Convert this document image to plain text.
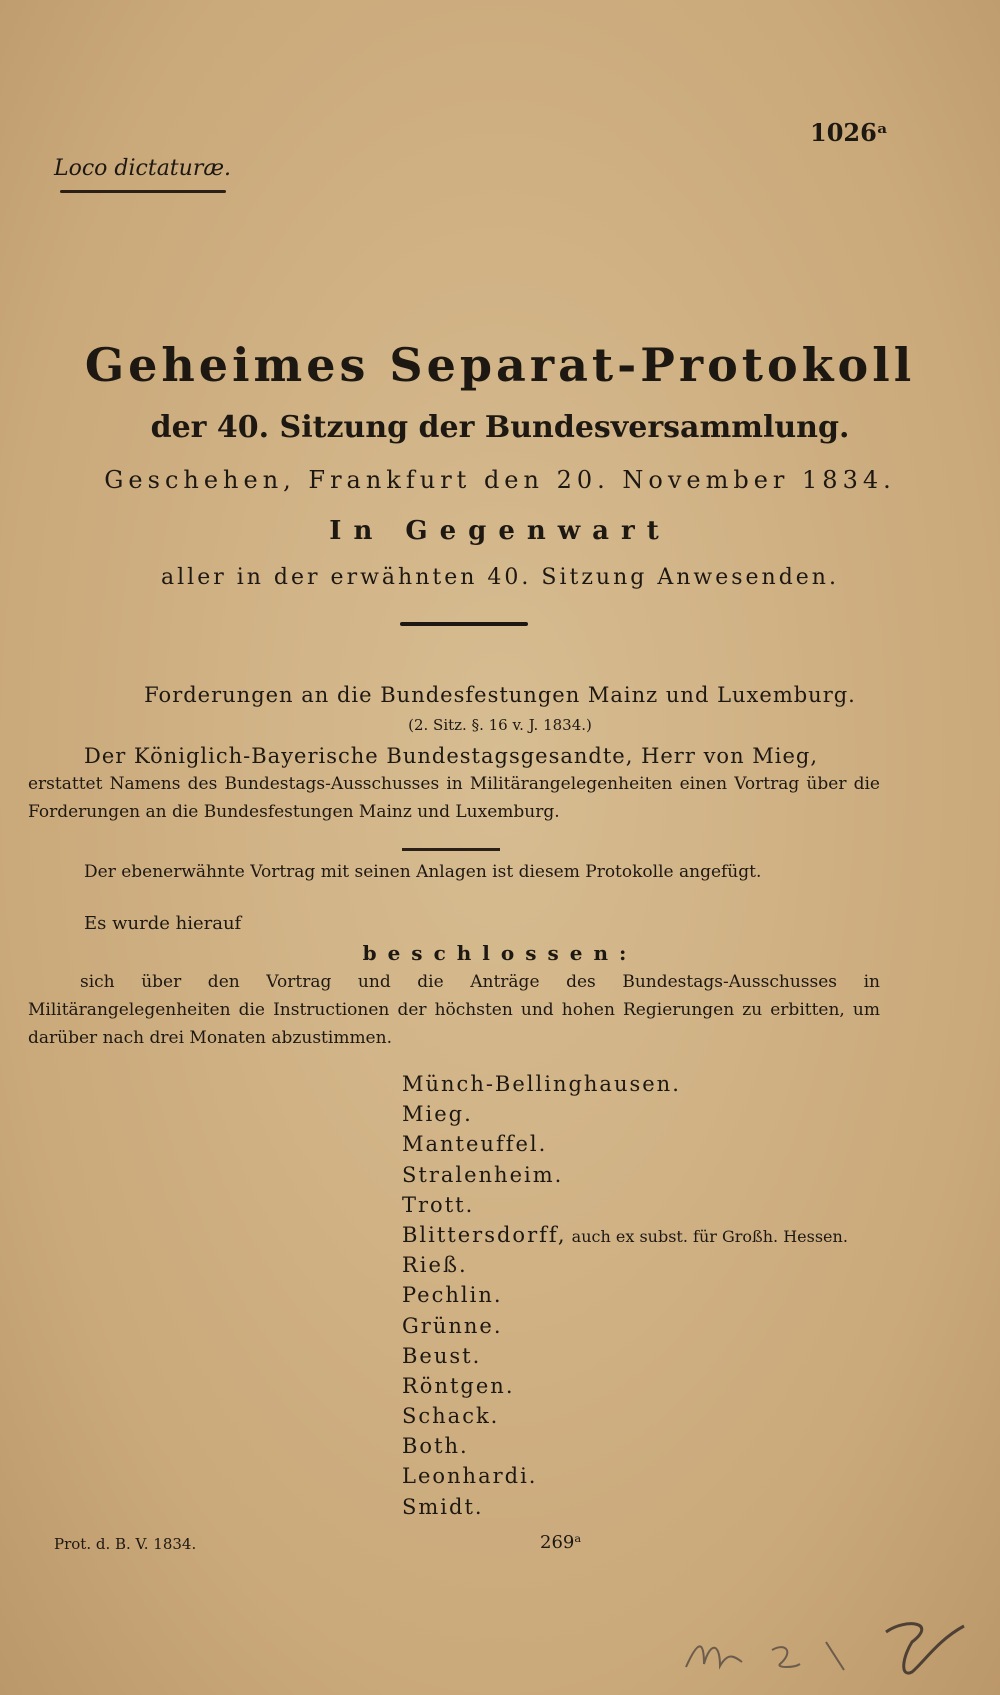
1026ᵃ
Loco dictaturæ.
Geheimes Separat-Protokoll
der 40. Sitzung der Bundesversammlung.
Geschehen, Frankfurt den 20. November 1834.
In Gegenwart
aller in der erwähnten 40. Sitzung Anwesenden.
Forderungen an die Bundesfestungen Mainz und Luxemburg.
(2. Sitz. §. 16 v. J. 1834.)
Der Königlich-Bayerische Bundestagsgesandte, Herr von Mieg,
erstattet Namens des Bundestags-Ausschusses in Militärangelegenheiten einen Vortrag über die Forderungen an die Bundesfestungen Mainz und Luxemburg.
Der ebenerwähnte Vortrag mit seinen Anlagen ist diesem Protokolle angefügt.
Es wurde hierauf
beschlossen:
sich über den Vortrag und die Anträge des Bundestags-Ausschusses in Militärangelegenheiten die Instructionen der höchsten und hohen Regierungen zu erbitten, um darüber nach drei Monaten abzustimmen.
Münch-Bellinghausen.
Mieg.
Manteuffel.
Stralenheim.
Trott.
Blittersdorff, auch ex subst. für Großh. Hessen.
Rieß.
Pechlin.
Grünne.
Beust.
Röntgen.
Schack.
Both.
Leonhardi.
Smidt.
Prot. d. B. V. 1834.	269ᵃ
